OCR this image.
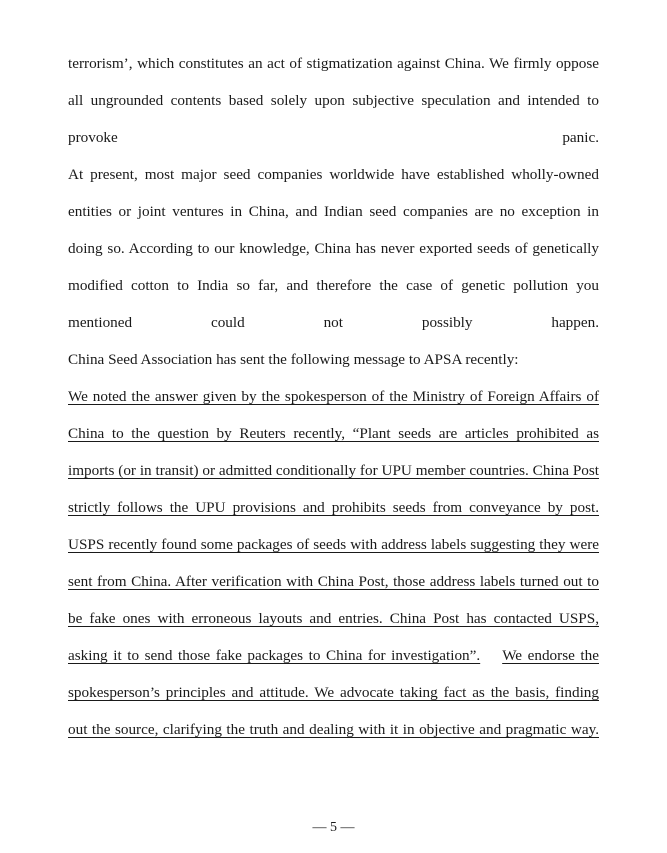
terrorism’, which constitutes an act of stigmatization against China. We firmly oppose all ungrounded contents based solely upon subjective speculation and intended to provoke panic.

At present, most major seed companies worldwide have established wholly-owned entities or joint ventures in China, and Indian seed companies are no exception in doing so. According to our knowledge, China has never exported seeds of genetically modified cotton to India so far, and therefore the case of genetic pollution you mentioned could not possibly happen.

China Seed Association has sent the following message to APSA recently:

We noted the answer given by the spokesperson of the Ministry of Foreign Affairs of China to the question by Reuters recently, “Plant seeds are articles prohibited as imports (or in transit) or admitted conditionally for UPU member countries. China Post strictly follows the UPU provisions and prohibits seeds from conveyance by post. USPS recently found some packages of seeds with address labels suggesting they were sent from China. After verification with China Post, those address labels turned out to be fake ones with erroneous layouts and entries. China Post has contacted USPS, asking it to send those fake packages to China for investigation”. We endorse the spokesperson’s principles and attitude. We advocate taking fact as the basis, finding out the source, clarifying the truth and dealing with it in objective and pragmatic way.

— 5 —
